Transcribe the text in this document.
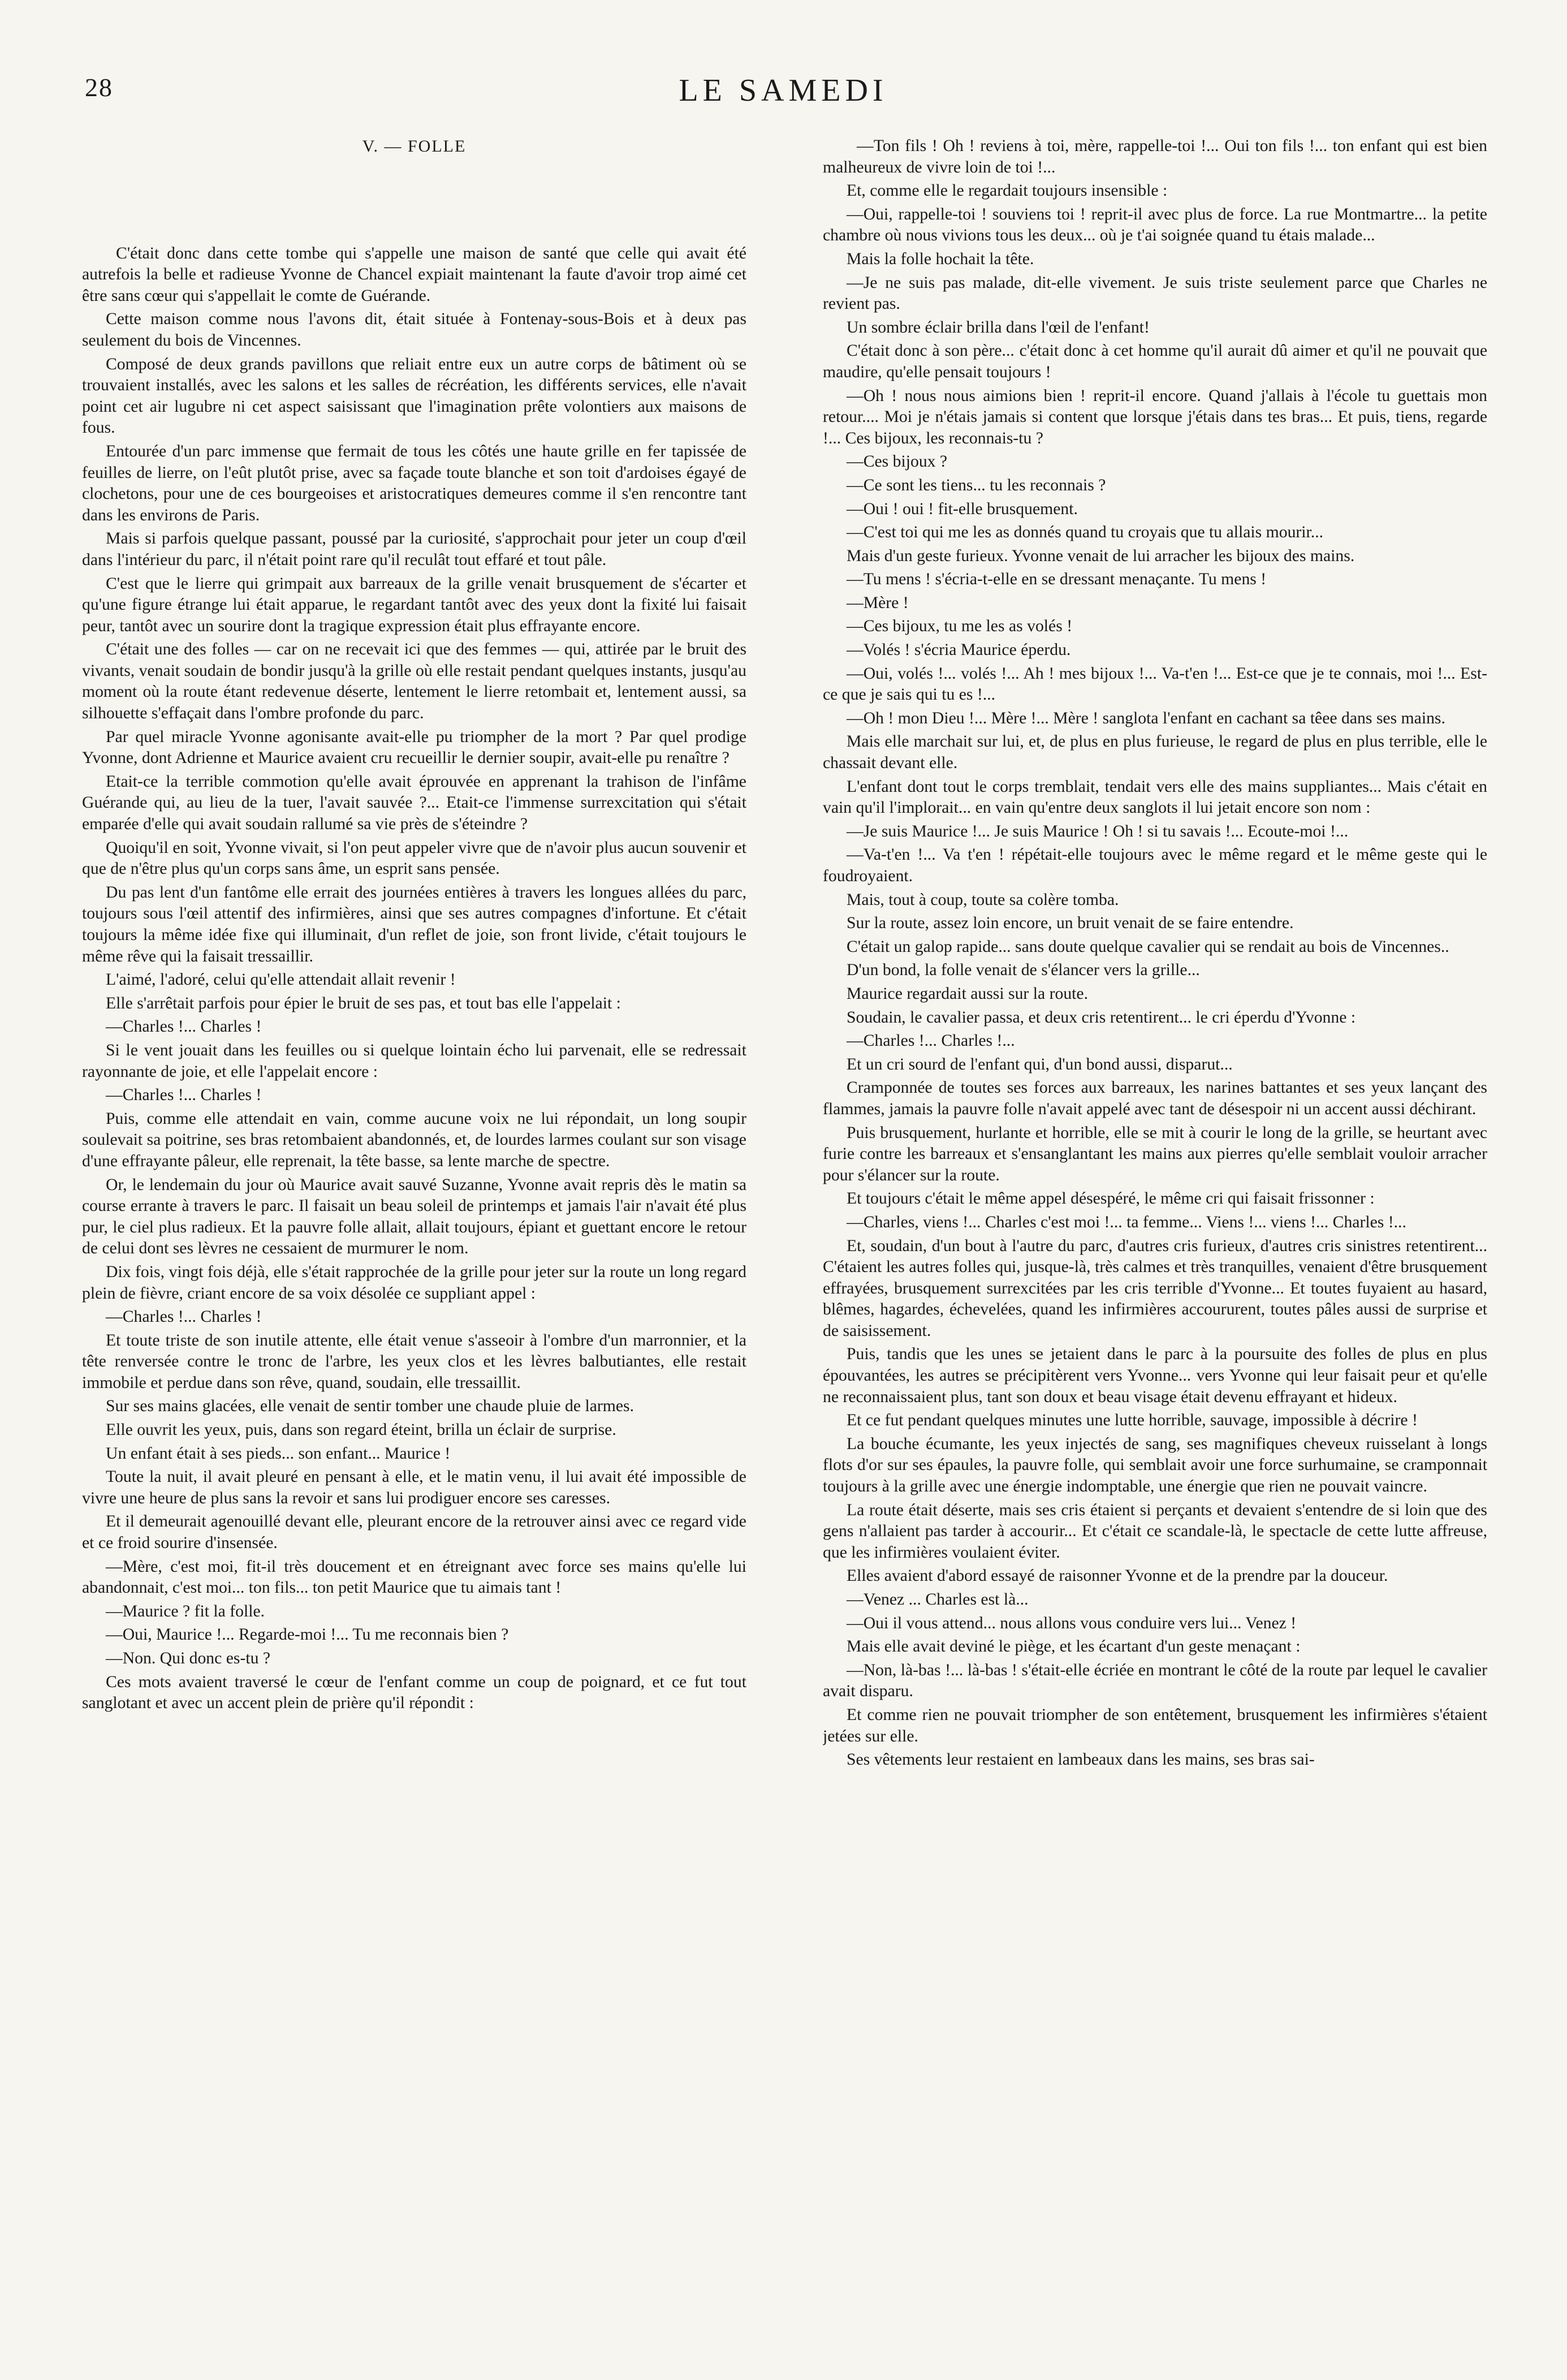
28	LE SAMEDI
V. — FOLLE

C'était donc dans cette tombe qui s'appelle une maison de santé que celle qui avait été autrefois la belle et radieuse Yvonne de Chancel expiait maintenant la faute d'avoir trop aimé cet être sans cœur qui s'appellait le comte de Guérande.

Cette maison comme nous l'avons dit, était située à Fontenay-sous-Bois et à deux pas seulement du bois de Vincennes.

Composé de deux grands pavillons que reliait entre eux un autre corps de bâtiment où se trouvaient installés, avec les salons et les salles de récréation, les différents services, elle n'avait point cet air lugubre ni cet aspect saisissant que l'imagination prête volontiers aux maisons de fous.

Entourée d'un parc immense que fermait de tous les côtés une haute grille en fer tapissée de feuilles de lierre, on l'eût plutôt prise, avec sa façade toute blanche et son toit d'ardoises égayé de clochetons, pour une de ces bourgeoises et aristocratiques demeures comme il s'en rencontre tant dans les environs de Paris.

Mais si parfois quelque passant, poussé par la curiosité, s'approchait pour jeter un coup d'œil dans l'intérieur du parc, il n'était point rare qu'il reculât tout effaré et tout pâle.

C'est que le lierre qui grimpait aux barreaux de la grille venait brusquement de s'écarter et qu'une figure étrange lui était apparue, le regardant tantôt avec des yeux dont la fixité lui faisait peur, tantôt avec un sourire dont la tragique expression était plus effrayante encore.

C'était une des folles — car on ne recevait ici que des femmes — qui, attirée par le bruit des vivants, venait soudain de bondir jusqu'à la grille où elle restait pendant quelques instants, jusqu'au moment où la route étant redevenue déserte, lentement le lierre retombait et, lentement aussi, sa silhouette s'effaçait dans l'ombre profonde du parc.

Par quel miracle Yvonne agonisante avait-elle pu triompher de la mort ? Par quel prodige Yvonne, dont Adrienne et Maurice avaient cru recueillir le dernier soupir, avait-elle pu renaître ?

Etait-ce la terrible commotion qu'elle avait éprouvée en apprenant la trahison de l'infâme Guérande qui, au lieu de la tuer, l'avait sauvée ?... Etait-ce l'immense surrexcitation qui s'était emparée d'elle qui avait soudain rallumé sa vie près de s'éteindre ?

Quoiqu'il en soit, Yvonne vivait, si l'on peut appeler vivre que de n'avoir plus aucun souvenir et que de n'être plus qu'un corps sans âme, un esprit sans pensée.

Du pas lent d'un fantôme elle errait des journées entières à travers les longues allées du parc, toujours sous l'œil attentif des infirmières, ainsi que ses autres compagnes d'infortune. Et c'était toujours la même idée fixe qui illuminait, d'un reflet de joie, son front livide, c'était toujours le même rêve qui la faisait tressaillir.

L'aimé, l'adoré, celui qu'elle attendait allait revenir !

Elle s'arrêtait parfois pour épier le bruit de ses pas, et tout bas elle l'appelait :

—Charles !... Charles !

Si le vent jouait dans les feuilles ou si quelque lointain écho lui parvenait, elle se redressait rayonnante de joie, et elle l'appelait encore :

—Charles !... Charles !

Puis, comme elle attendait en vain, comme aucune voix ne lui répondait, un long soupir soulevait sa poitrine, ses bras retombaient abandonnés, et, de lourdes larmes coulant sur son visage d'une effrayante pâleur, elle reprenait, la tête basse, sa lente marche de spectre.

Or, le lendemain du jour où Maurice avait sauvé Suzanne, Yvonne avait repris dès le matin sa course errante à travers le parc. Il faisait un beau soleil de printemps et jamais l'air n'avait été plus pur, le ciel plus radieux. Et la pauvre folle allait, allait toujours, épiant et guettant encore le retour de celui dont ses lèvres ne cessaient de murmurer le nom.

Dix fois, vingt fois déjà, elle s'était rapprochée de la grille pour jeter sur la route un long regard plein de fièvre, criant encore de sa voix désolée ce suppliant appel :

—Charles !... Charles !

Et toute triste de son inutile attente, elle était venue s'asseoir à l'ombre d'un marronnier, et la tête renversée contre le tronc de l'arbre, les yeux clos et les lèvres balbutiantes, elle restait immobile et perdue dans son rêve, quand, soudain, elle tressaillit.

Sur ses mains glacées, elle venait de sentir tomber une chaude pluie de larmes.

Elle ouvrit les yeux, puis, dans son regard éteint, brilla un éclair de surprise.

Un enfant était à ses pieds... son enfant... Maurice !

Toute la nuit, il avait pleuré en pensant à elle, et le matin venu, il lui avait été impossible de vivre une heure de plus sans la revoir et sans lui prodiguer encore ses caresses.

Et il demeurait agenouillé devant elle, pleurant encore de la retrouver ainsi avec ce regard vide et ce froid sourire d'insensée.

—Mère, c'est moi, fit-il très doucement et en étreignant avec force ses mains qu'elle lui abandonnait, c'est moi... ton fils... ton petit Maurice que tu aimais tant !

—Maurice ? fit la folle.

—Oui, Maurice !... Regarde-moi !... Tu me reconnais bien ?

—Non. Qui donc es-tu ?

Ces mots avaient traversé le cœur de l'enfant comme un coup de poignard, et ce fut tout sanglotant et avec un accent plein de prière qu'il répondit :

—Ton fils ! Oh ! reviens à toi, mère, rappelle-toi !... Oui ton fils !... ton enfant qui est bien malheureux de vivre loin de toi !...

Et, comme elle le regardait toujours insensible :

—Oui, rappelle-toi ! souviens toi ! reprit-il avec plus de force. La rue Montmartre... la petite chambre où nous vivions tous les deux... où je t'ai soignée quand tu étais malade...

Mais la folle hochait la tête.

—Je ne suis pas malade, dit-elle vivement. Je suis triste seulement parce que Charles ne revient pas.

Un sombre éclair brilla dans l'œil de l'enfant!

C'était donc à son père... c'était donc à cet homme qu'il aurait dû aimer et qu'il ne pouvait que maudire, qu'elle pensait toujours !

—Oh ! nous nous aimions bien ! reprit-il encore. Quand j'allais à l'école tu guettais mon retour.... Moi je n'étais jamais si content que lorsque j'étais dans tes bras... Et puis, tiens, regarde !... Ces bijoux, les reconnais-tu ?

—Ces bijoux ?

—Ce sont les tiens... tu les reconnais ?

—Oui ! oui ! fit-elle brusquement.

—C'est toi qui me les as donnés quand tu croyais que tu allais mourir...

Mais d'un geste furieux. Yvonne venait de lui arracher les bijoux des mains.

—Tu mens ! s'écria-t-elle en se dressant menaçante. Tu mens !

—Mère !

—Ces bijoux, tu me les as volés !

—Volés ! s'écria Maurice éperdu.

—Oui, volés !... volés !... Ah ! mes bijoux !... Va-t'en !... Est-ce que je te connais, moi !... Est-ce que je sais qui tu es !...

—Oh ! mon Dieu !... Mère !... Mère ! sanglota l'enfant en cachant sa têee dans ses mains.

Mais elle marchait sur lui, et, de plus en plus furieuse, le regard de plus en plus terrible, elle le chassait devant elle.

L'enfant dont tout le corps tremblait, tendait vers elle des mains suppliantes... Mais c'était en vain qu'il l'implorait... en vain qu'entre deux sanglots il lui jetait encore son nom :

—Je suis Maurice !... Je suis Maurice ! Oh ! si tu savais !... Ecoute-moi !...

—Va-t'en !... Va t'en ! répétait-elle toujours avec le même regard et le même geste qui le foudroyaient.

Mais, tout à coup, toute sa colère tomba.

Sur la route, assez loin encore, un bruit venait de se faire entendre.

C'était un galop rapide... sans doute quelque cavalier qui se rendait au bois de Vincennes..

D'un bond, la folle venait de s'élancer vers la grille...

Maurice regardait aussi sur la route.

Soudain, le cavalier passa, et deux cris retentirent... le cri éperdu d'Yvonne :

—Charles !... Charles !...

Et un cri sourd de l'enfant qui, d'un bond aussi, disparut...

Cramponnée de toutes ses forces aux barreaux, les narines battantes et ses yeux lançant des flammes, jamais la pauvre folle n'avait appelé avec tant de désespoir ni un accent aussi déchirant.

Puis brusquement, hurlante et horrible, elle se mit à courir le long de la grille, se heurtant avec furie contre les barreaux et s'ensanglantant les mains aux pierres qu'elle semblait vouloir arracher pour s'élancer sur la route.

Et toujours c'était le même appel désespéré, le même cri qui faisait frissonner :

—Charles, viens !... Charles c'est moi !... ta femme... Viens !... viens !... Charles !...

Et, soudain, d'un bout à l'autre du parc, d'autres cris furieux, d'autres cris sinistres retentirent... C'étaient les autres folles qui, jusque-là, très calmes et très tranquilles, venaient d'être brusquement effrayées, brusquement surrexcitées par les cris terrible d'Yvonne... Et toutes fuyaient au hasard, blêmes, hagardes, échevelées, quand les infirmières accoururent, toutes pâles aussi de surprise et de saisissement.

Puis, tandis que les unes se jetaient dans le parc à la poursuite des folles de plus en plus épouvantées, les autres se précipitèrent vers Yvonne... vers Yvonne qui leur faisait peur et qu'elle ne reconnaissaient plus, tant son doux et beau visage était devenu effrayant et hideux.

Et ce fut pendant quelques minutes une lutte horrible, sauvage, impossible à décrire !

La bouche écumante, les yeux injectés de sang, ses magnifiques cheveux ruisselant à longs flots d'or sur ses épaules, la pauvre folle, qui semblait avoir une force surhumaine, se cramponnait toujours à la grille avec une énergie indomptable, une énergie que rien ne pouvait vaincre.

La route était déserte, mais ses cris étaient si perçants et devaient s'entendre de si loin que des gens n'allaient pas tarder à accourir... Et c'était ce scandale-là, le spectacle de cette lutte affreuse, que les infirmières voulaient éviter.

Elles avaient d'abord essayé de raisonner Yvonne et de la prendre par la douceur.

—Venez ... Charles est là...

—Oui il vous attend... nous allons vous conduire vers lui... Venez !

Mais elle avait deviné le piège, et les écartant d'un geste menaçant :

—Non, là-bas !... là-bas ! s'était-elle écriée en montrant le côté de la route par lequel le cavalier avait disparu.

Et comme rien ne pouvait triompher de son entêtement, brusquement les infirmières s'étaient jetées sur elle.

Ses vêtements leur restaient en lambeaux dans les mains, ses bras sai-
